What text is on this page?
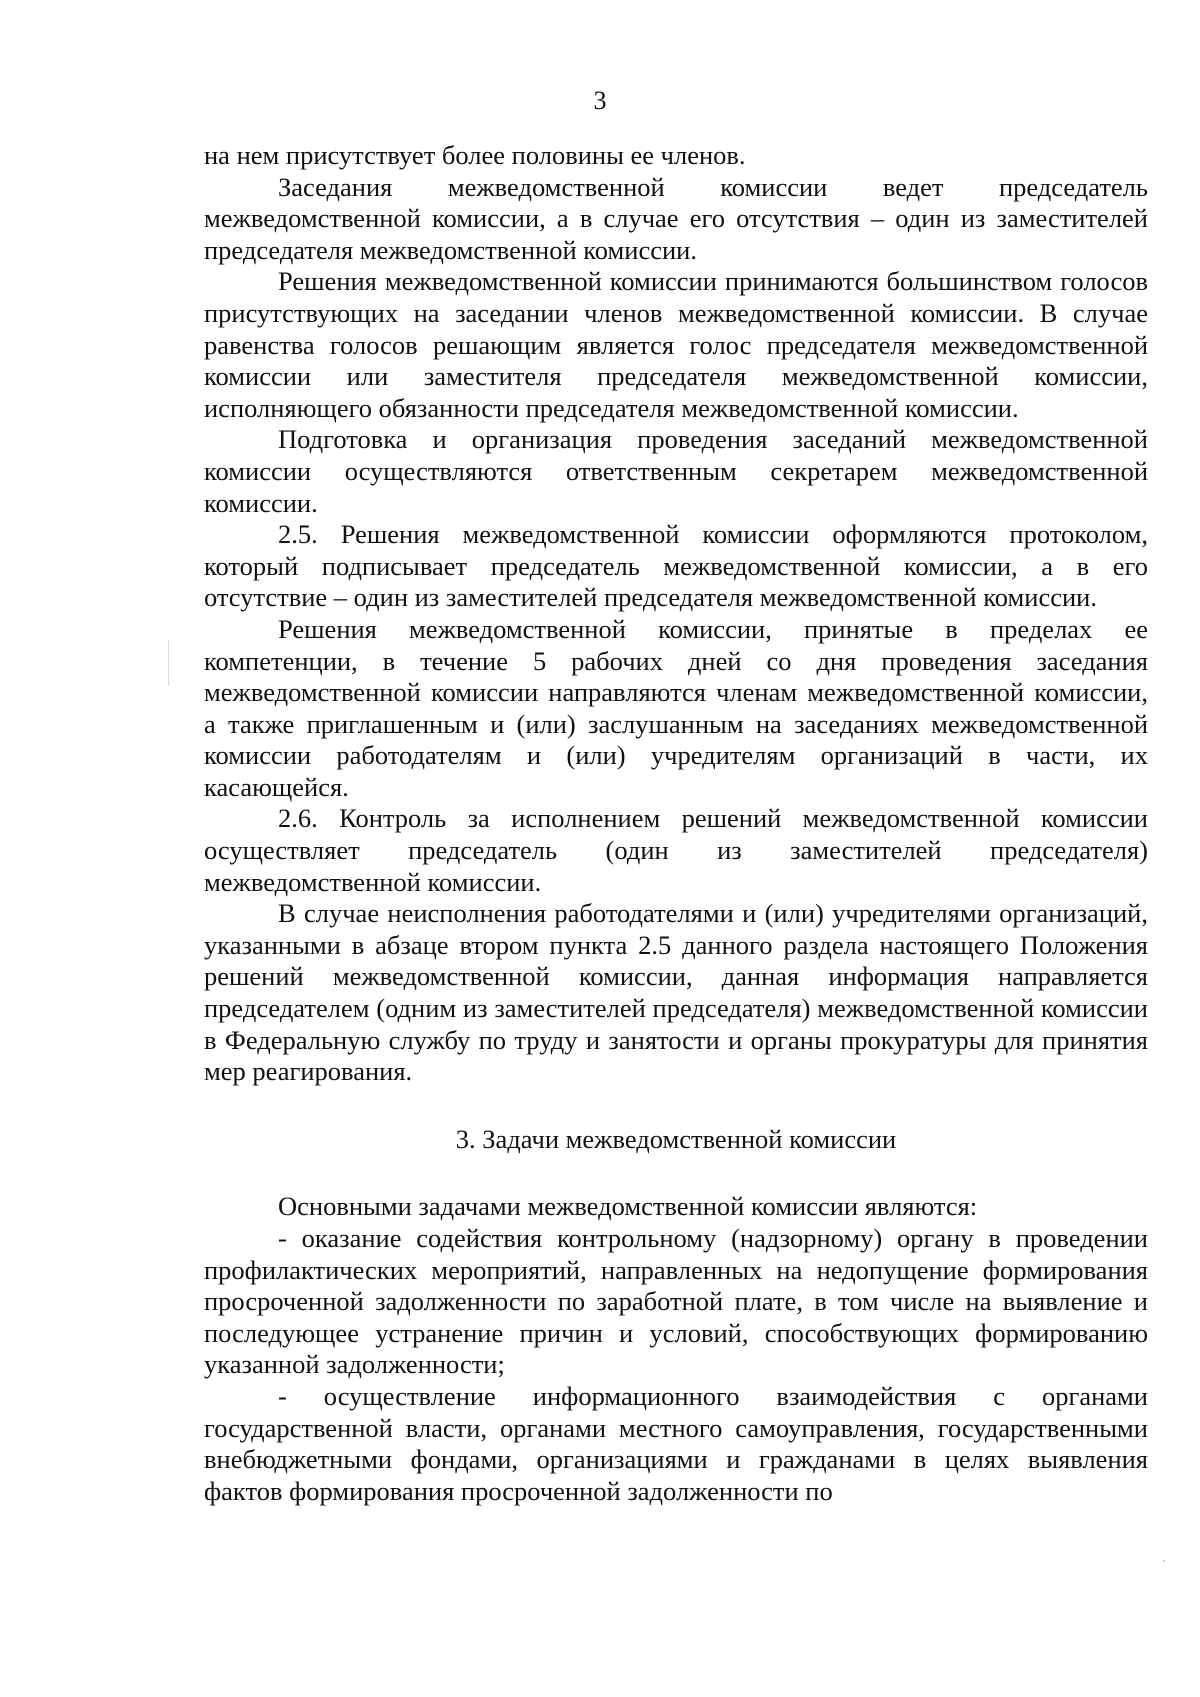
3

на нем присутствует более половины ее членов.

Заседания межведомственной комиссии ведет председатель межведомственной комиссии, а в случае его отсутствия – один из заместителей председателя межведомственной комиссии.

Решения межведомственной комиссии принимаются большинством голосов присутствующих на заседании членов межведомственной комиссии. В случае равенства голосов решающим является голос председателя межведомственной комиссии или заместителя председателя межведомственной комиссии, исполняющего обязанности председателя межведомственной комиссии.

Подготовка и организация проведения заседаний межведомственной комиссии осуществляются ответственным секретарем межведомственной комиссии.

2.5. Решения межведомственной комиссии оформляются протоколом, который подписывает председатель межведомственной комиссии, а в его отсутствие – один из заместителей председателя межведомственной комиссии.

Решения межведомственной комиссии, принятые в пределах ее компетенции, в течение 5 рабочих дней со дня проведения заседания межведомственной комиссии направляются членам межведомственной комиссии, а также приглашенным и (или) заслушанным на заседаниях межведомственной комиссии работодателям и (или) учредителям организаций в части, их касающейся.

2.6. Контроль за исполнением решений межведомственной комиссии осуществляет председатель (один из заместителей председателя) межведомственной комиссии.

В случае неисполнения работодателями и (или) учредителями организаций, указанными в абзаце втором пункта 2.5 данного раздела настоящего Положения решений межведомственной комиссии, данная информация направляется председателем (одним из заместителей председателя) межведомственной комиссии в Федеральную службу по труду и занятости и органы прокуратуры для принятия мер реагирования.

3. Задачи межведомственной комиссии

Основными задачами межведомственной комиссии являются:

- оказание содействия контрольному (надзорному) органу в проведении профилактических мероприятий, направленных на недопущение формирования просроченной задолженности по заработной плате, в том числе на выявление и последующее устранение причин и условий, способствующих формированию указанной задолженности;

- осуществление информационного взаимодействия с органами государственной власти, органами местного самоуправления, государственными внебюджетными фондами, организациями и гражданами в целях выявления фактов формирования просроченной задолженности по
